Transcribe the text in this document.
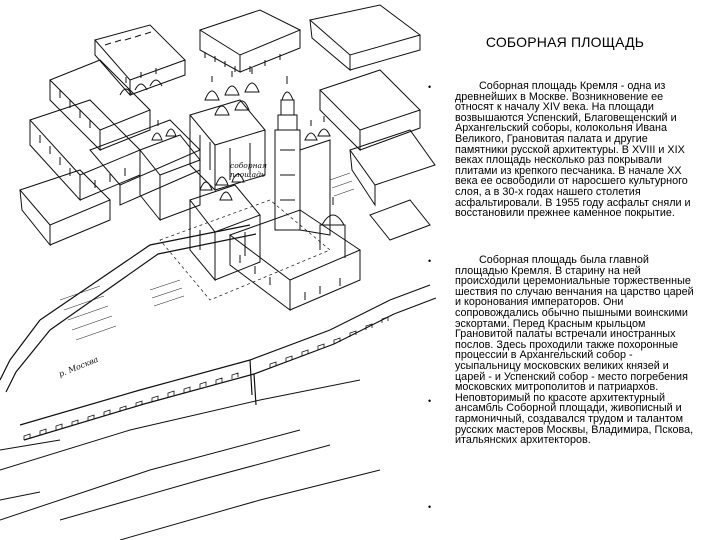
соборная площадь
р. Москва
СОБОРНАЯ ПЛОЩАДЬ
•	Соборная площадь Кремля - одна из древнейших в Москве. Возникновение ее относят к началу XIV века. На площади возвышаются Успенский, Благовещенский и Архангельский соборы, колокольня Ивана Великого, Грановитая палата и другие памятники русской архитектуры. В XVIII и XIX веках площадь несколько раз покрывали плитами из крепкого песчаника. В начале XX века ее освободили от наросшего культурного слоя, а в 30-х годах нашего столетия асфальтировали. В 1955 году асфальт сняли и восстановили прежнее каменное покрытие.

•	Соборная площадь была главной площадью Кремля. В старину на ней происходили церемониальные торжественные шествия по случаю венчания на царство царей и коронования императоров. Они сопровождались обычно пышными воинскими эскортами. Перед Красным крыльцом Грановитой палаты встречали иностранных послов. Здесь проходили также похоронные процессии в Архангельский собор - усыпальницу московских великих князей и царей - и Успенский собор - место погребения московских митрополитов и патриархов. Неповторимый по красоте архитектурный ансамбль Соборной площади, живописный и гармоничный, создавался трудом и талантом русских мастеров Москвы, Владимира, Пскова, итальянских архитекторов.

•
•
